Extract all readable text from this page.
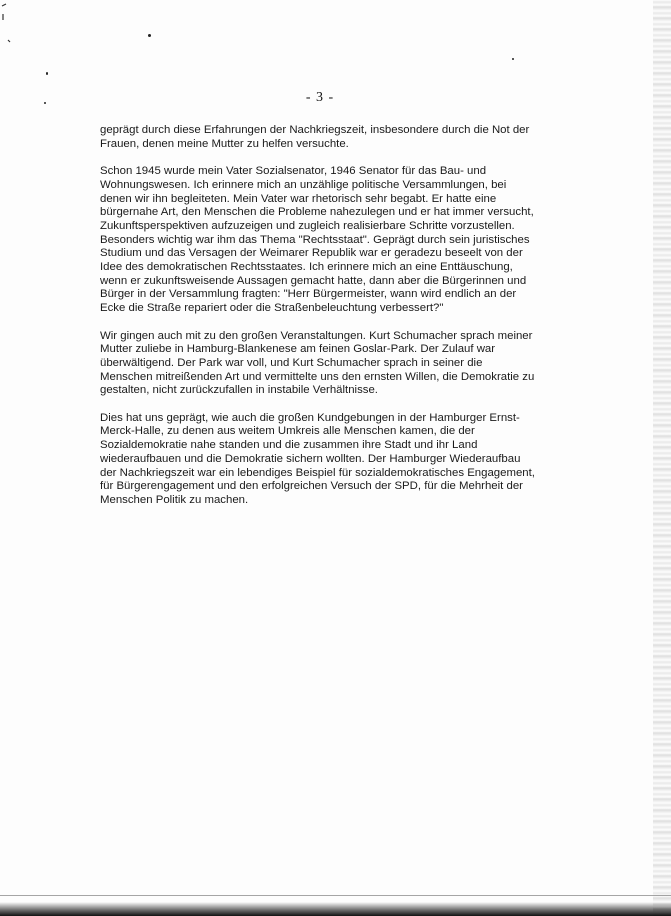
- 3 -

geprägt durch diese Erfahrungen der Nachkriegszeit, insbesondere durch die Not der
Frauen, denen meine Mutter zu helfen versuchte.

Schon 1945 wurde mein Vater Sozialsenator, 1946 Senator für das Bau- und
Wohnungswesen. Ich erinnere mich an unzählige politische Versammlungen, bei
denen wir ihn begleiteten. Mein Vater war rhetorisch sehr begabt. Er hatte eine
bürgernahe Art, den Menschen die Probleme nahezulegen und er hat immer versucht,
Zukunftsperspektiven aufzuzeigen und zugleich realisierbare Schritte vorzustellen.
Besonders wichtig war ihm das Thema "Rechtsstaat". Geprägt durch sein juristisches
Studium und das Versagen der Weimarer Republik war er geradezu beseelt von der
Idee des demokratischen Rechtsstaates. Ich erinnere mich an eine Enttäuschung,
wenn er zukunftsweisende Aussagen gemacht hatte, dann aber die Bürgerinnen und
Bürger in der Versammlung fragten: "Herr Bürgermeister, wann wird endlich an der
Ecke die Straße repariert oder die Straßenbeleuchtung verbessert?"

Wir gingen auch mit zu den großen Veranstaltungen. Kurt Schumacher sprach meiner
Mutter zuliebe in Hamburg-Blankenese am feinen Goslar-Park. Der Zulauf war
überwältigend. Der Park war voll, und Kurt Schumacher sprach in seiner die
Menschen mitreißenden Art und vermittelte uns den ernsten Willen, die Demokratie zu
gestalten, nicht zurückzufallen in instabile Verhältnisse.

Dies hat uns geprägt, wie auch die großen Kundgebungen in der Hamburger Ernst-
Merck-Halle, zu denen aus weitem Umkreis alle Menschen kamen, die der
Sozialdemokratie nahe standen und die zusammen ihre Stadt und ihr Land
wiederaufbauen und die Demokratie sichern wollten. Der Hamburger Wiederaufbau
der Nachkriegszeit war ein lebendiges Beispiel für sozialdemokratisches Engagement,
für Bürgerengagement und den erfolgreichen Versuch der SPD, für die Mehrheit der
Menschen Politik zu machen.
